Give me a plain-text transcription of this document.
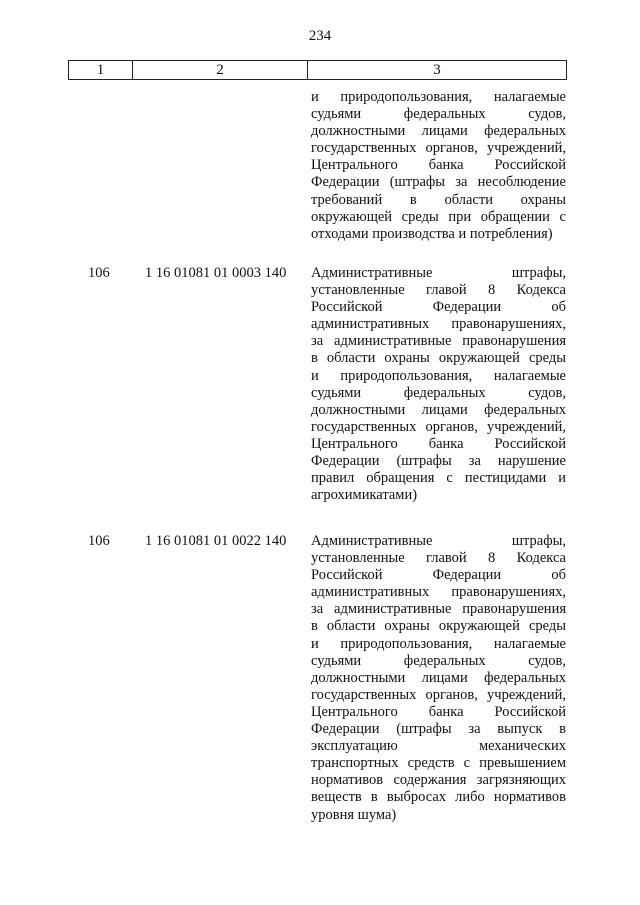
234
1	2	3
и природопользования, налагаемые
судьями федеральных судов,
должностными лицами федеральных
государственных органов, учреждений,
Центрального банка Российской
Федерации (штрафы за несоблюдение
требований в области охраны
окружающей среды при обращении с
отходами производства и потребления)
106 1 16 01081 01 0003 140 Административные штрафы,
установленные главой 8 Кодекса
Российской Федерации об
административных правонарушениях,
за административные правонарушения
в области охраны окружающей среды
и природопользования, налагаемые
судьями федеральных судов,
должностными лицами федеральных
государственных органов, учреждений,
Центрального банка Российской
Федерации (штрафы за нарушение
правил обращения с пестицидами и
агрохимикатами)
106 1 16 01081 01 0022 140 Административные штрафы,
установленные главой 8 Кодекса
Российской Федерации об
административных правонарушениях,
за административные правонарушения
в области охраны окружающей среды
и природопользования, налагаемые
судьями федеральных судов,
должностными лицами федеральных
государственных органов, учреждений,
Центрального банка Российской
Федерации (штрафы за выпуск в
эксплуатацию механических
транспортных средств с превышением
нормативов содержания загрязняющих
веществ в выбросах либо нормативов
уровня шума)
